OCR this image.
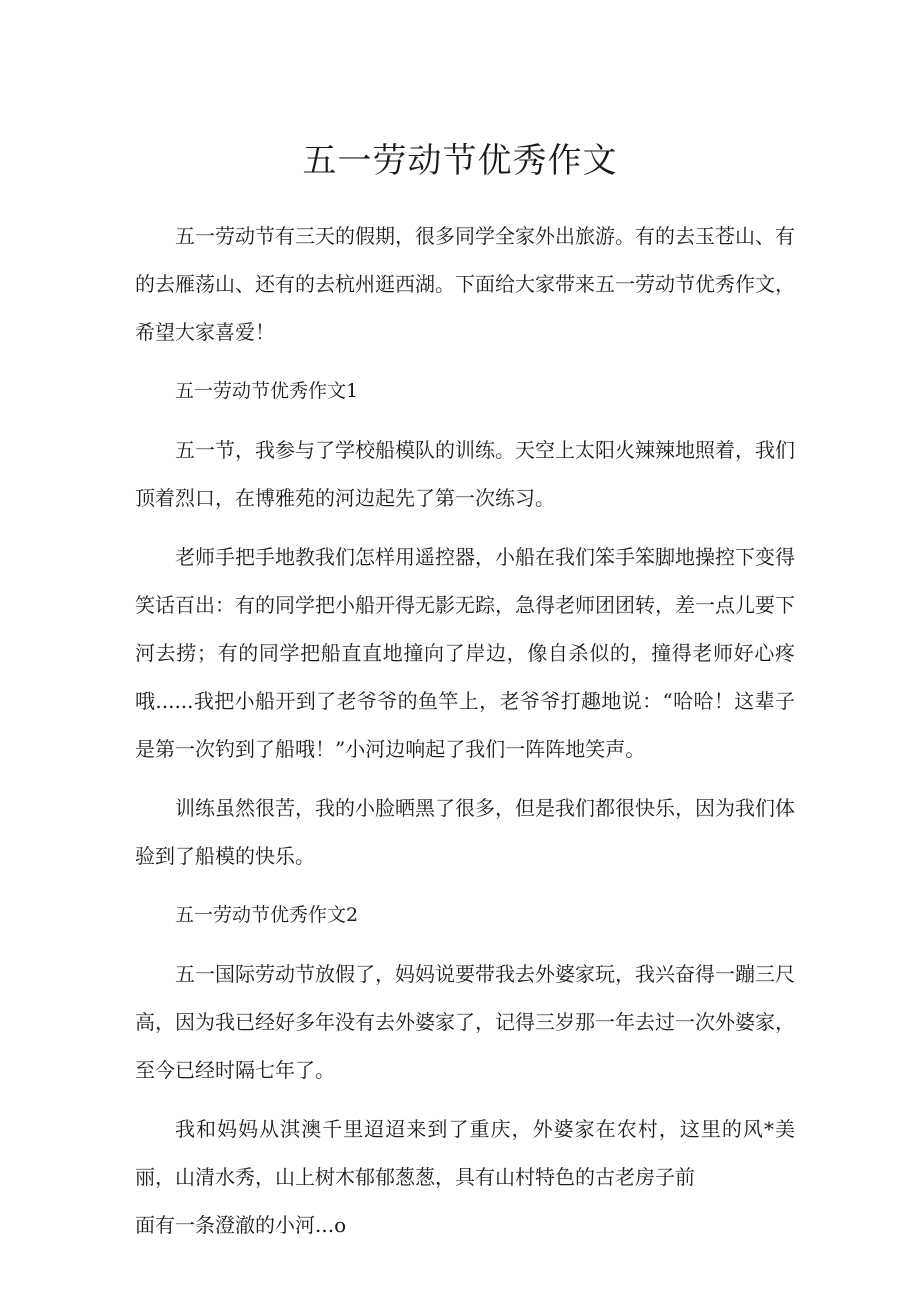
五一劳动节优秀作文

五一劳动节有三天的假期，很多同学全家外出旅游。有的去玉苍山、有的去雁荡山、还有的去杭州逛西湖。下面给大家带来五一劳动节优秀作文，希望大家喜爱！

五一劳动节优秀作文1

五一节，我参与了学校船模队的训练。天空上太阳火辣辣地照着，我们顶着烈口，在博雅苑的河边起先了第一次练习。

老师手把手地教我们怎样用遥控器，小船在我们笨手笨脚地操控下变得笑话百出：有的同学把小船开得无影无踪，急得老师团团转，差一点儿要下河去捞；有的同学把船直直地撞向了岸边，像自杀似的，撞得老师好心疼哦......我把小船开到了老爷爷的鱼竿上，老爷爷打趣地说：“哈哈！这辈子是第一次钓到了船哦！”小河边响起了我们一阵阵地笑声。

训练虽然很苦，我的小脸晒黑了很多，但是我们都很快乐，因为我们体验到了船模的快乐。

五一劳动节优秀作文2

五一国际劳动节放假了，妈妈说要带我去外婆家玩，我兴奋得一蹦三尺高，因为我已经好多年没有去外婆家了，记得三岁那一年去过一次外婆家，至今已经时隔七年了。

我和妈妈从淇澳千里迢迢来到了重庆，外婆家在农村，这里的风*美丽，山清水秀，山上树木郁郁葱葱，具有山村特色的古老房子前

面有一条澄澈的小河...o
